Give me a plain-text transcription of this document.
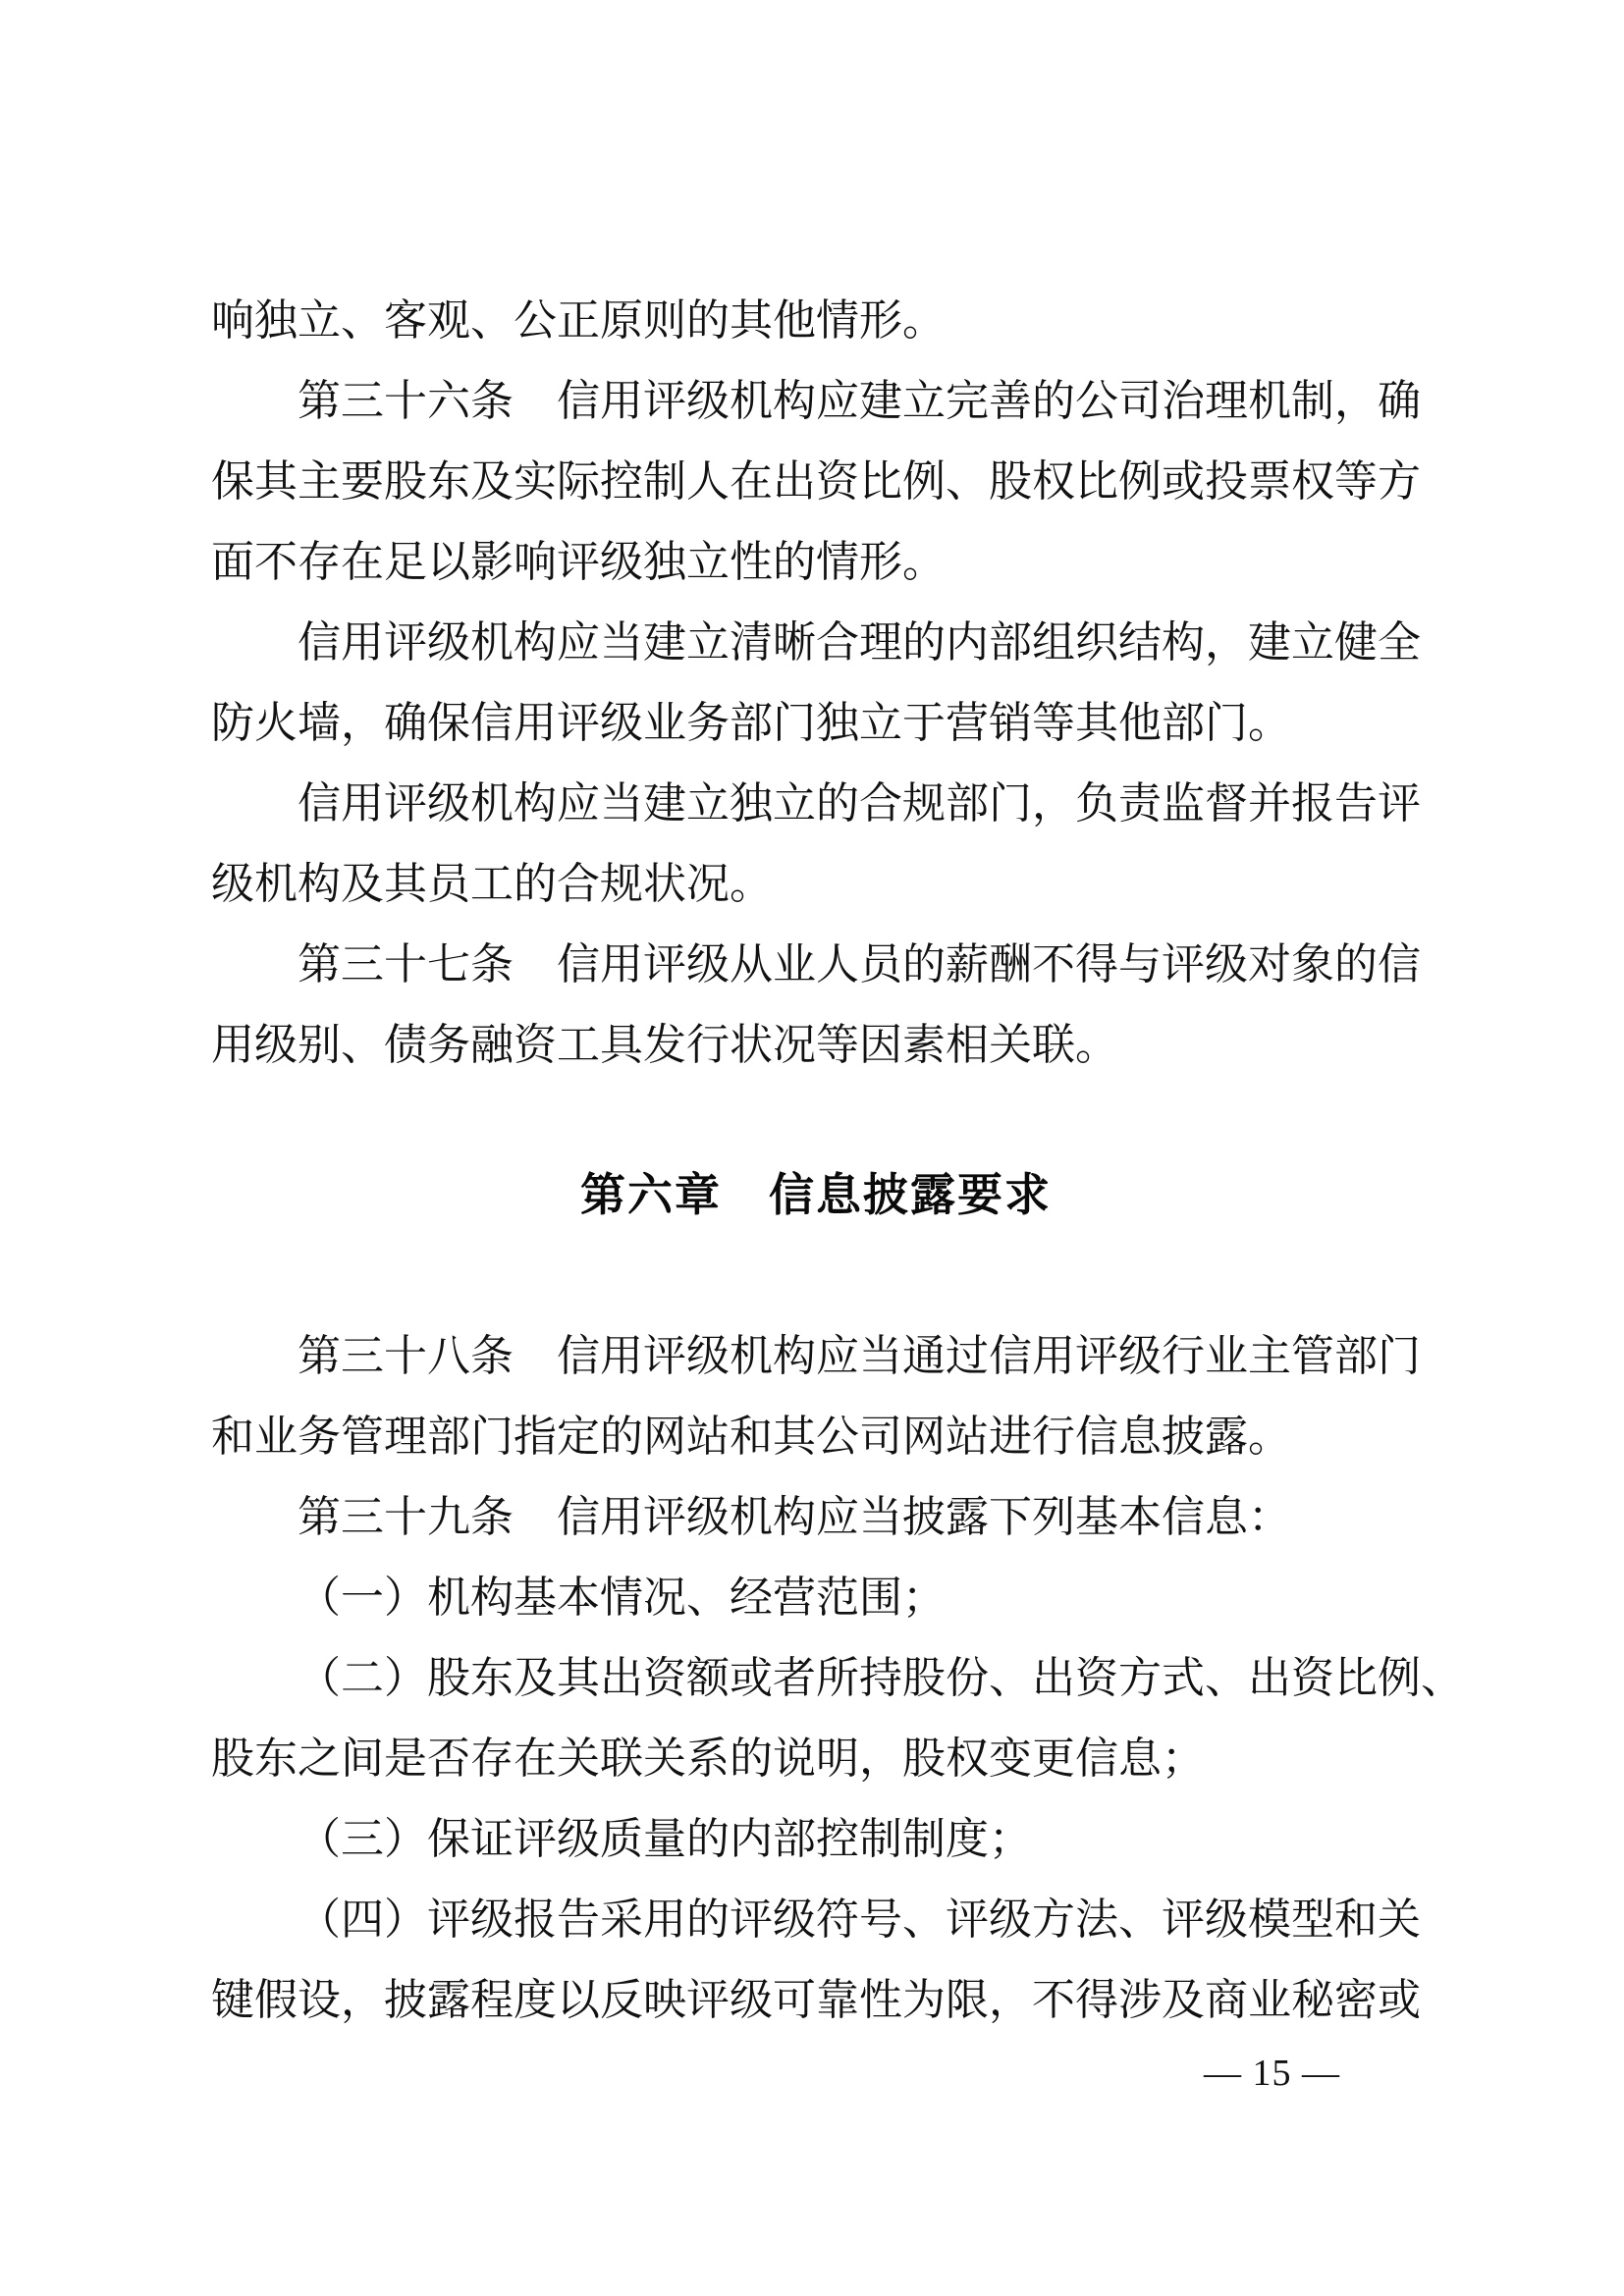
响独立、客观、公正原则的其他情形。
第三十六条　信用评级机构应建立完善的公司治理机制，确
保其主要股东及实际控制人在出资比例、股权比例或投票权等方
面不存在足以影响评级独立性的情形。
信用评级机构应当建立清晰合理的内部组织结构，建立健全
防火墙，确保信用评级业务部门独立于营销等其他部门。
信用评级机构应当建立独立的合规部门，负责监督并报告评
级机构及其员工的合规状况。
第三十七条　信用评级从业人员的薪酬不得与评级对象的信
用级别、债务融资工具发行状况等因素相关联。
第六章　信息披露要求
第三十八条　信用评级机构应当通过信用评级行业主管部门
和业务管理部门指定的网站和其公司网站进行信息披露。
第三十九条　信用评级机构应当披露下列基本信息：
（一）机构基本情况、经营范围；
（二）股东及其出资额或者所持股份、出资方式、出资比例、
股东之间是否存在关联关系的说明，股权变更信息；
（三）保证评级质量的内部控制制度；
（四）评级报告采用的评级符号、评级方法、评级模型和关
键假设，披露程度以反映评级可靠性为限，不得涉及商业秘密或
— 15 —
